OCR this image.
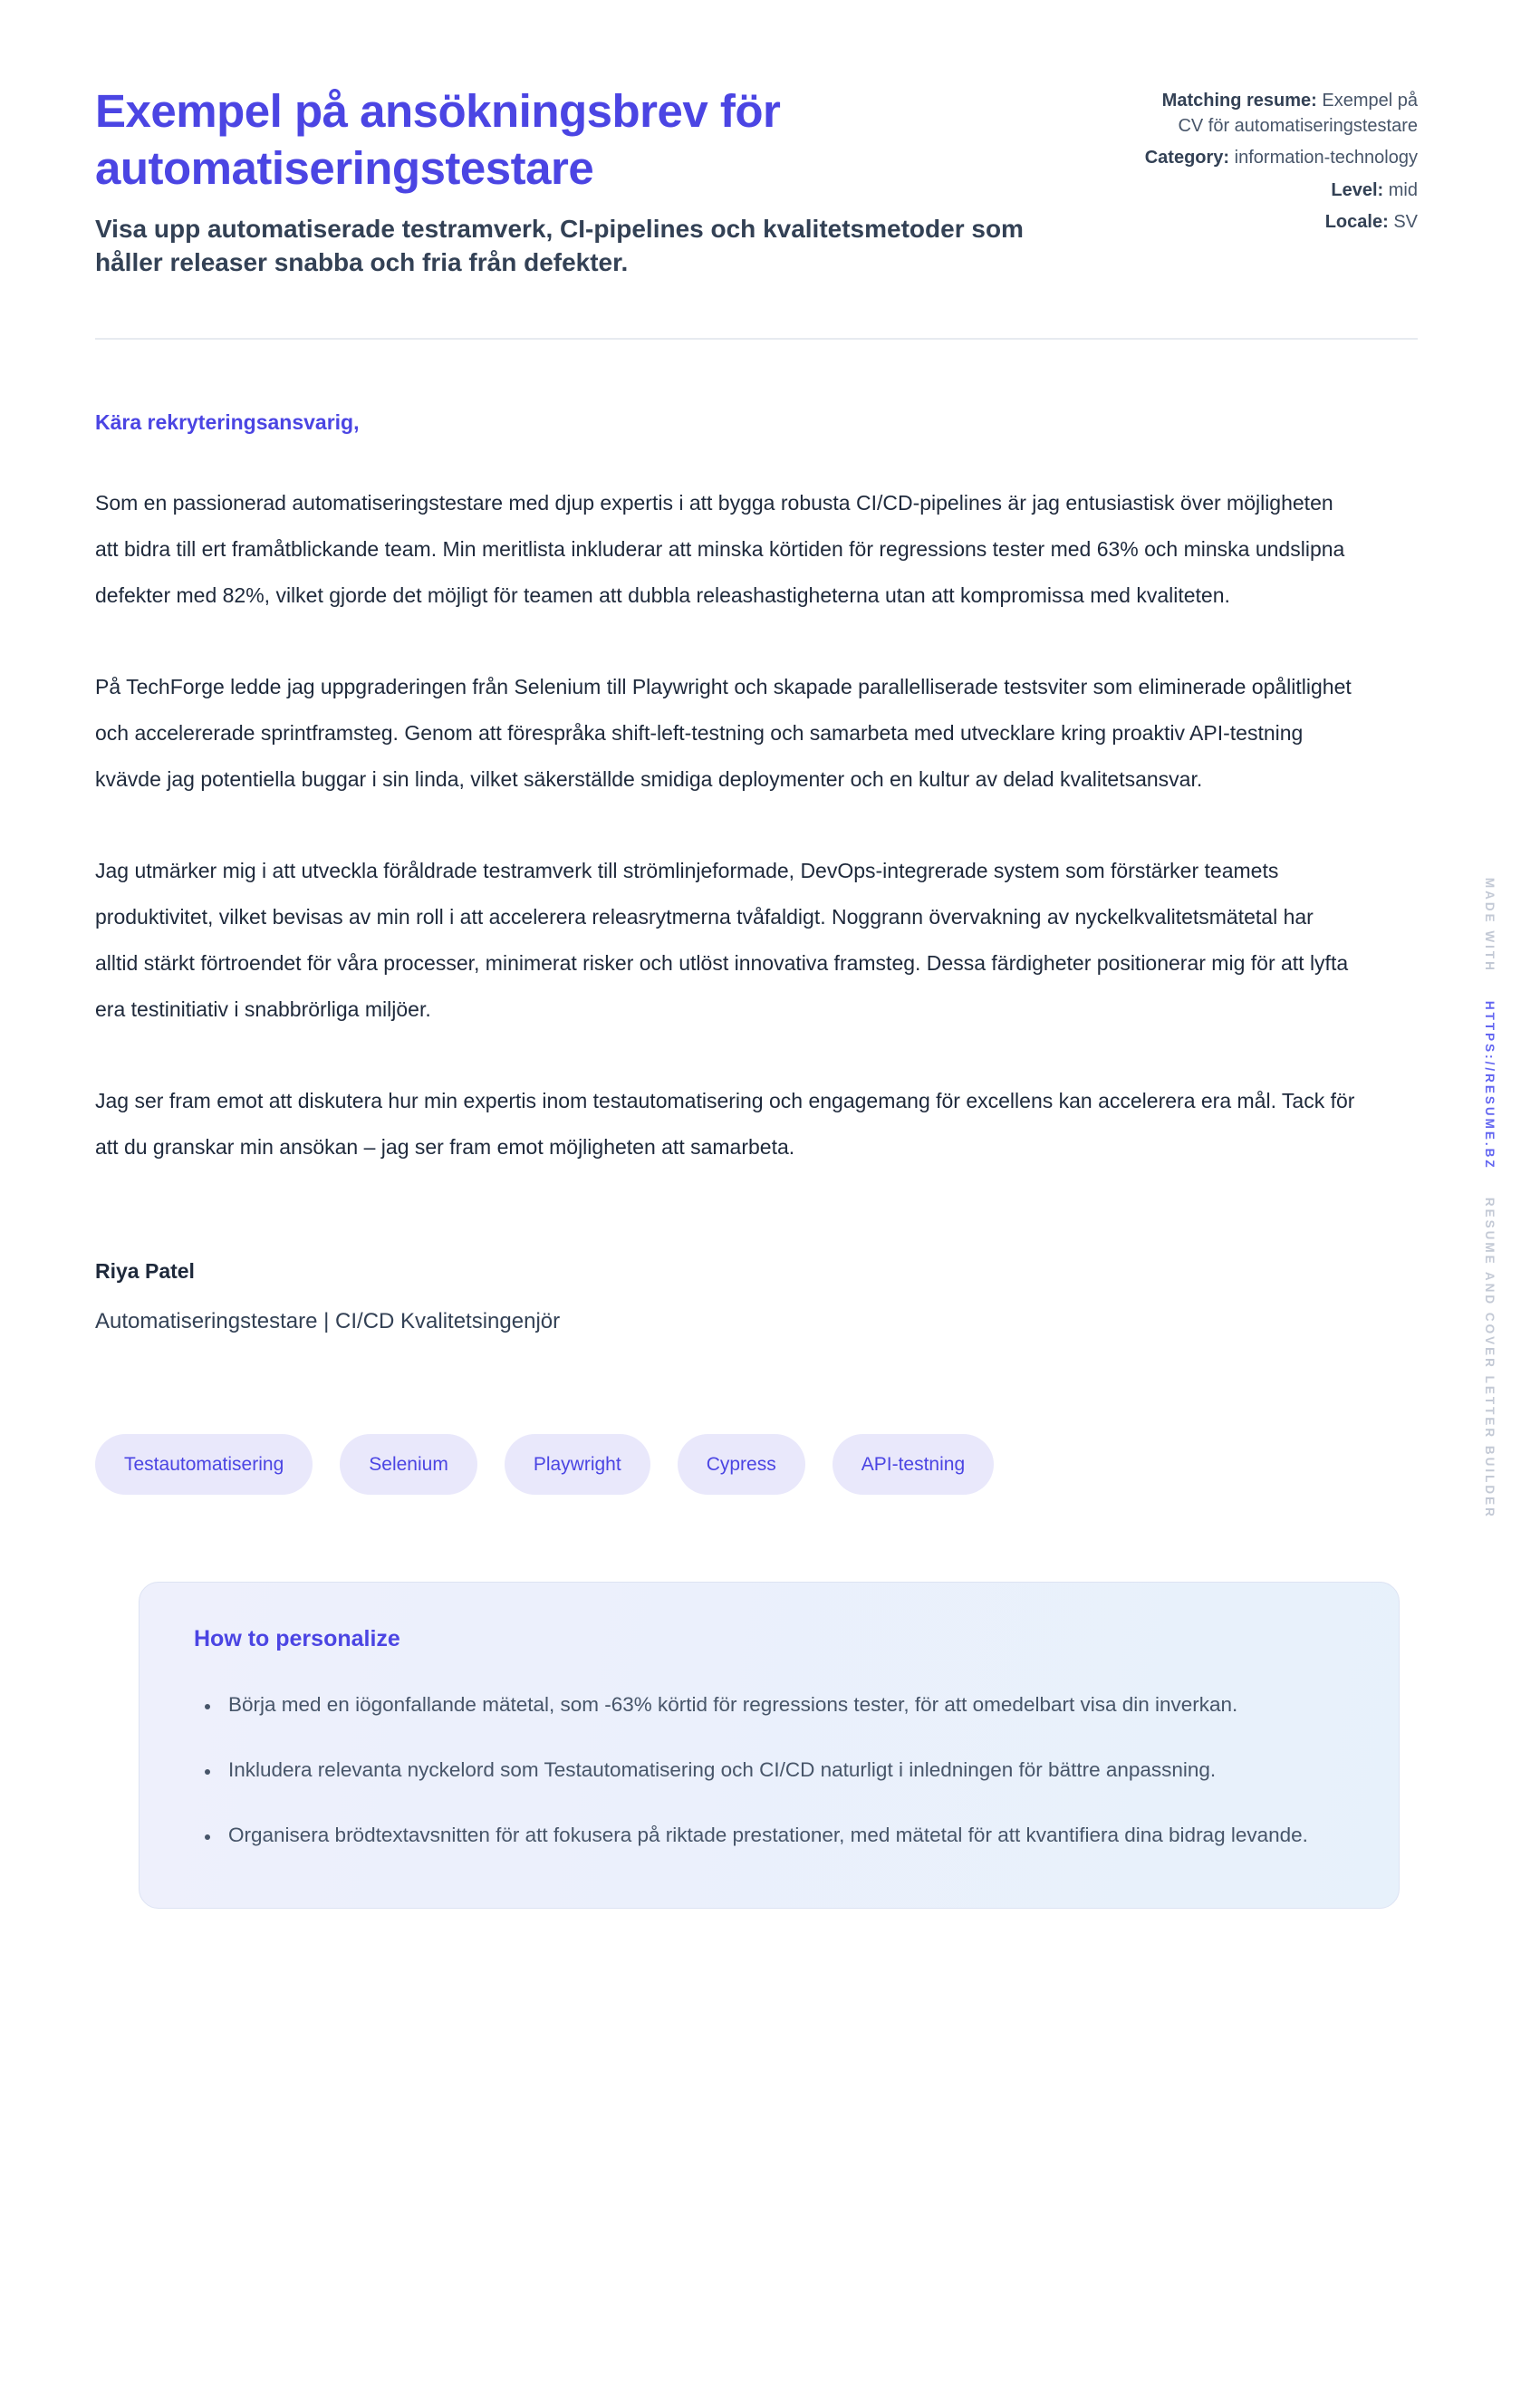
Exempel på ansökningsbrev för automatiseringstestare

Visa upp automatiserade testramverk, CI-pipelines och kvalitetsmetoder som håller releaser snabba och fria från defekter.

Matching resume: Exempel på CV för automatiseringstestare
Category: information-technology
Level: mid
Locale: SV

Kära rekryteringsansvarig,

Som en passionerad automatiseringstestare med djup expertis i att bygga robusta CI/CD-pipelines är jag entusiastisk över möjligheten att bidra till ert framåtblickande team. Min meritlista inkluderar att minska körtiden för regressions tester med 63% och minska undslipna defekter med 82%, vilket gjorde det möjligt för teamen att dubbla releashastigheterna utan att kompromissa med kvaliteten.

På TechForge ledde jag uppgraderingen från Selenium till Playwright och skapade parallelliserade testsviter som eliminerade opålitlighet och accelererade sprintframsteg. Genom att förespråka shift-left-testning och samarbeta med utvecklare kring proaktiv API-testning kvävde jag potentiella buggar i sin linda, vilket säkerställde smidiga deploymenter och en kultur av delad kvalitetsansvar.

Jag utmärker mig i att utveckla föråldrade testramverk till strömlinjeformade, DevOps-integrerade system som förstärker teamets produktivitet, vilket bevisas av min roll i att accelerera releasrytmerna tvåfaldigt. Noggrann övervakning av nyckelkvalitetsmätetal har alltid stärkt förtroendet för våra processer, minimerat risker och utlöst innovativa framsteg. Dessa färdigheter positionerar mig för att lyfta era testinitiativ i snabbrörliga miljöer.

Jag ser fram emot att diskutera hur min expertis inom testautomatisering och engagemang för excellens kan accelerera era mål. Tack för att du granskar min ansökan – jag ser fram emot möjligheten att samarbeta.

Riya Patel

Automatiseringstestare | CI/CD Kvalitetsingenjör

Testautomatisering	Selenium	Playwright	Cypress	API-testning
How to personalize
• Börja med en iögonfallande mätetal, som -63% körtid för regressions tester, för att omedelbart visa din inverkan.
• Inkludera relevanta nyckelord som Testautomatisering och CI/CD naturligt i inledningen för bättre anpassning.
• Organisera brödtextavsnitten för att fokusera på riktade prestationer, med mätetal för att kvantifiera dina bidrag levande.
MADE WITH HTTPS://RESUME.BZ RESUME AND COVER LETTER BUILDER
